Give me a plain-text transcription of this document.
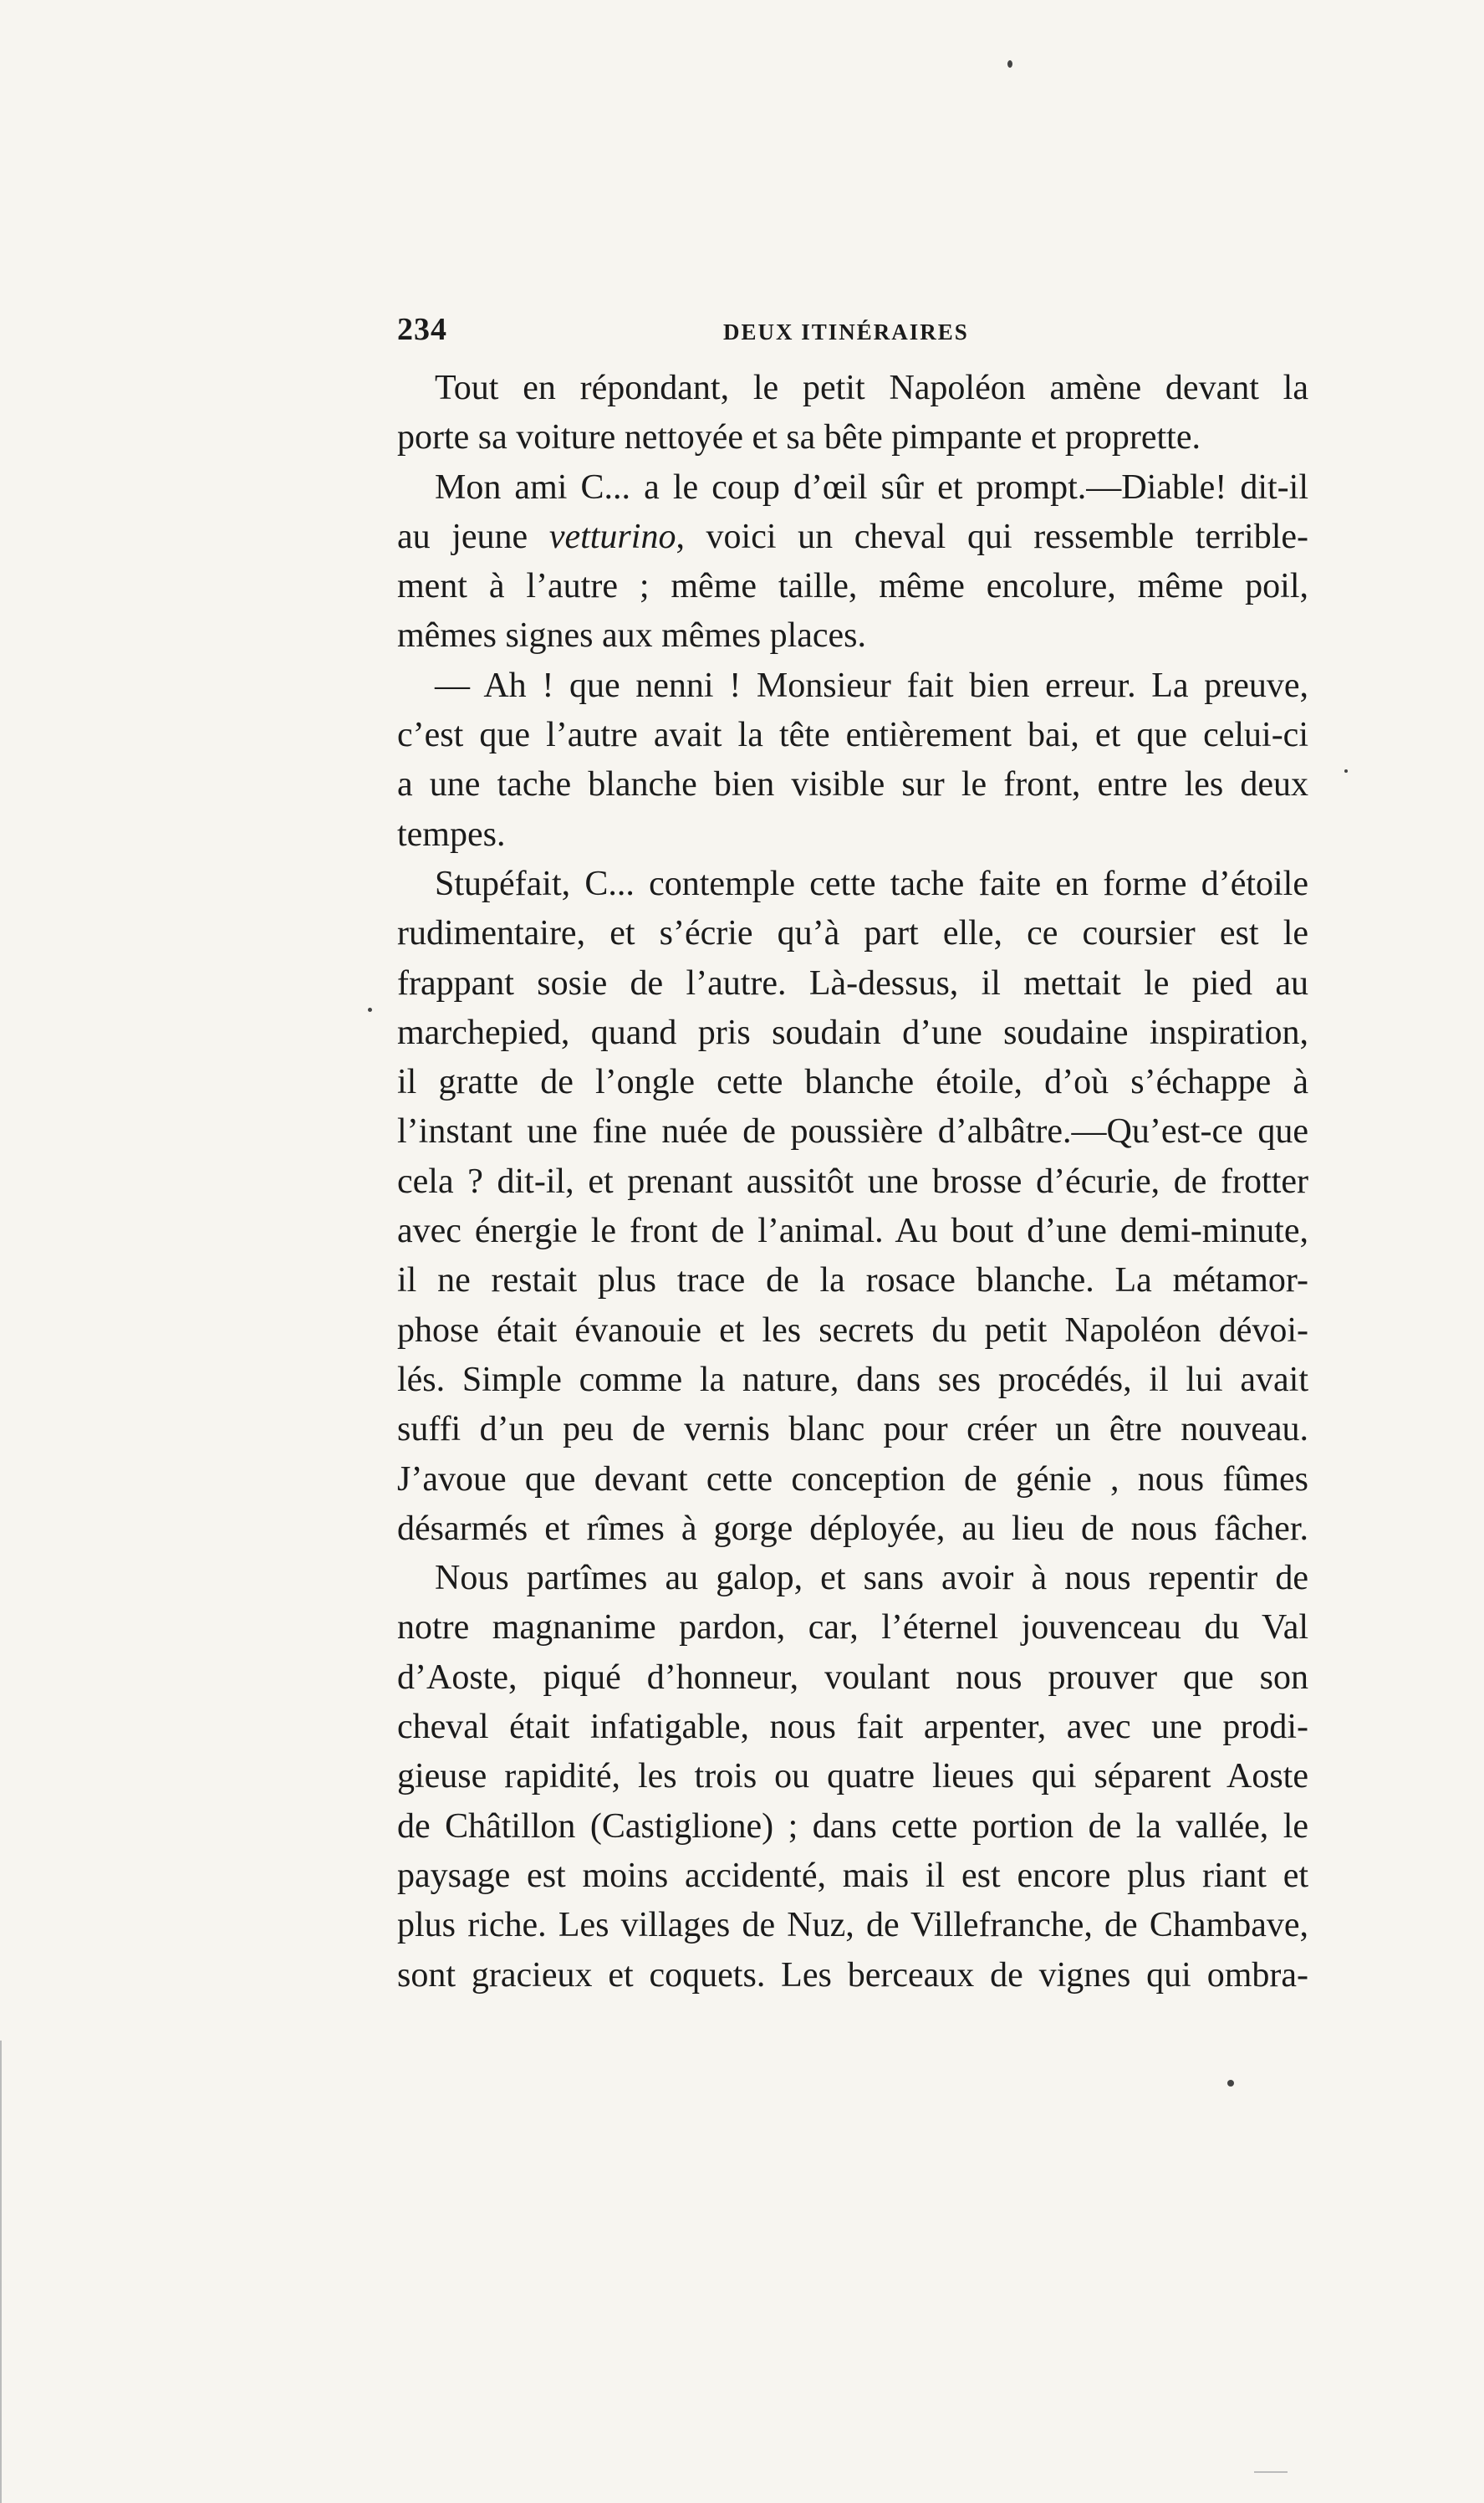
234	DEUX ITINÉRAIRES
Tout en répondant, le petit Napoléon amène devant la
porte sa voiture nettoyée et sa bête pimpante et proprette.
Mon ami C... a le coup d’œil sûr et prompt.—Diable! dit-il
au jeune vetturino, voici un cheval qui ressemble terrible-
ment à l’autre ; même taille, même encolure, même poil,
mêmes signes aux mêmes places.
— Ah ! que nenni ! Monsieur fait bien erreur. La preuve,
c’est que l’autre avait la tête entièrement bai, et que celui-ci
a une tache blanche bien visible sur le front, entre les deux
tempes.
Stupéfait, C... contemple cette tache faite en forme d’étoile
rudimentaire, et s’écrie qu’à part elle, ce coursier est le
frappant sosie de l’autre. Là-dessus, il mettait le pied au
marchepied, quand pris soudain d’une soudaine inspiration,
il gratte de l’ongle cette blanche étoile, d’où s’échappe à
l’instant une fine nuée de poussière d’albâtre.—Qu’est-ce que
cela ? dit-il, et prenant aussitôt une brosse d’écurie, de frotter
avec énergie le front de l’animal. Au bout d’une demi-minute,
il ne restait plus trace de la rosace blanche. La métamor-
phose était évanouie et les secrets du petit Napoléon dévoi-
lés. Simple comme la nature, dans ses procédés, il lui avait
suffi d’un peu de vernis blanc pour créer un être nouveau.
J’avoue que devant cette conception de génie , nous fûmes
désarmés et rîmes à gorge déployée, au lieu de nous fâcher.
Nous partîmes au galop, et sans avoir à nous repentir de
notre magnanime pardon, car, l’éternel jouvenceau du Val
d’Aoste, piqué d’honneur, voulant nous prouver que son
cheval était infatigable, nous fait arpenter, avec une prodi-
gieuse rapidité, les trois ou quatre lieues qui séparent Aoste
de Châtillon (Castiglione) ; dans cette portion de la vallée, le
paysage est moins accidenté, mais il est encore plus riant et
plus riche. Les villages de Nuz, de Villefranche, de Chambave,
sont gracieux et coquets. Les berceaux de vignes qui ombra-
